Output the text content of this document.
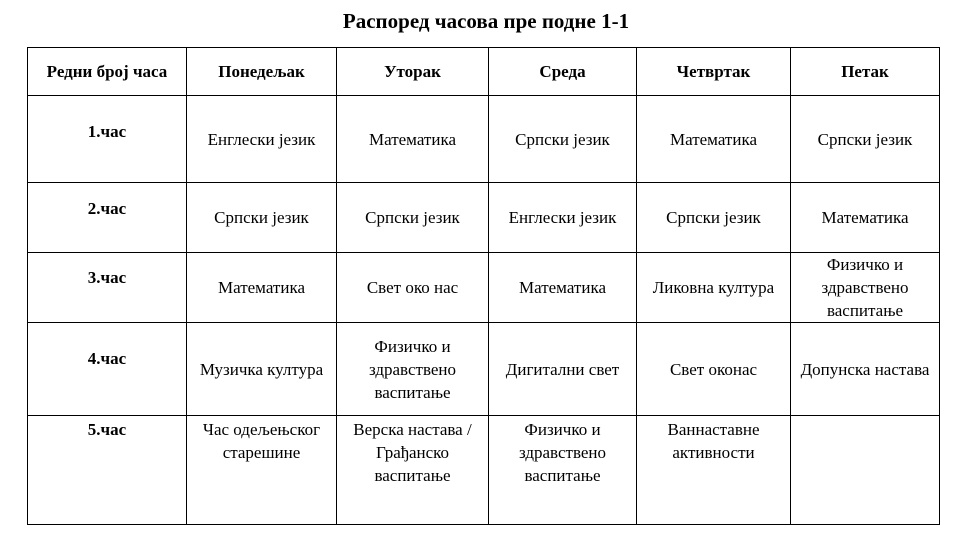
Распоред часова пре подне 1-1
Редни број часа	Понедељак	Уторак	Среда	Четвртак	Петак
1.час	Енглески језик	Математика	Српски језик	Математика	Српски језик
2.час	Српски језик	Српски језик	Енглески језик	Српски језик	Математика
3.час	Математика	Свет око нас	Математика	Ликовна култура	Физичко и здравствено васпитање
4.час	Музичка култура	Физичко и здравствено васпитање	Дигитални свет	Свет оконас	Допунска настава
5.час	Час одељењског старешине	Верска настава / Грађанско васпитање	Физичко и здравствено васпитање	Ваннаставне активности	
